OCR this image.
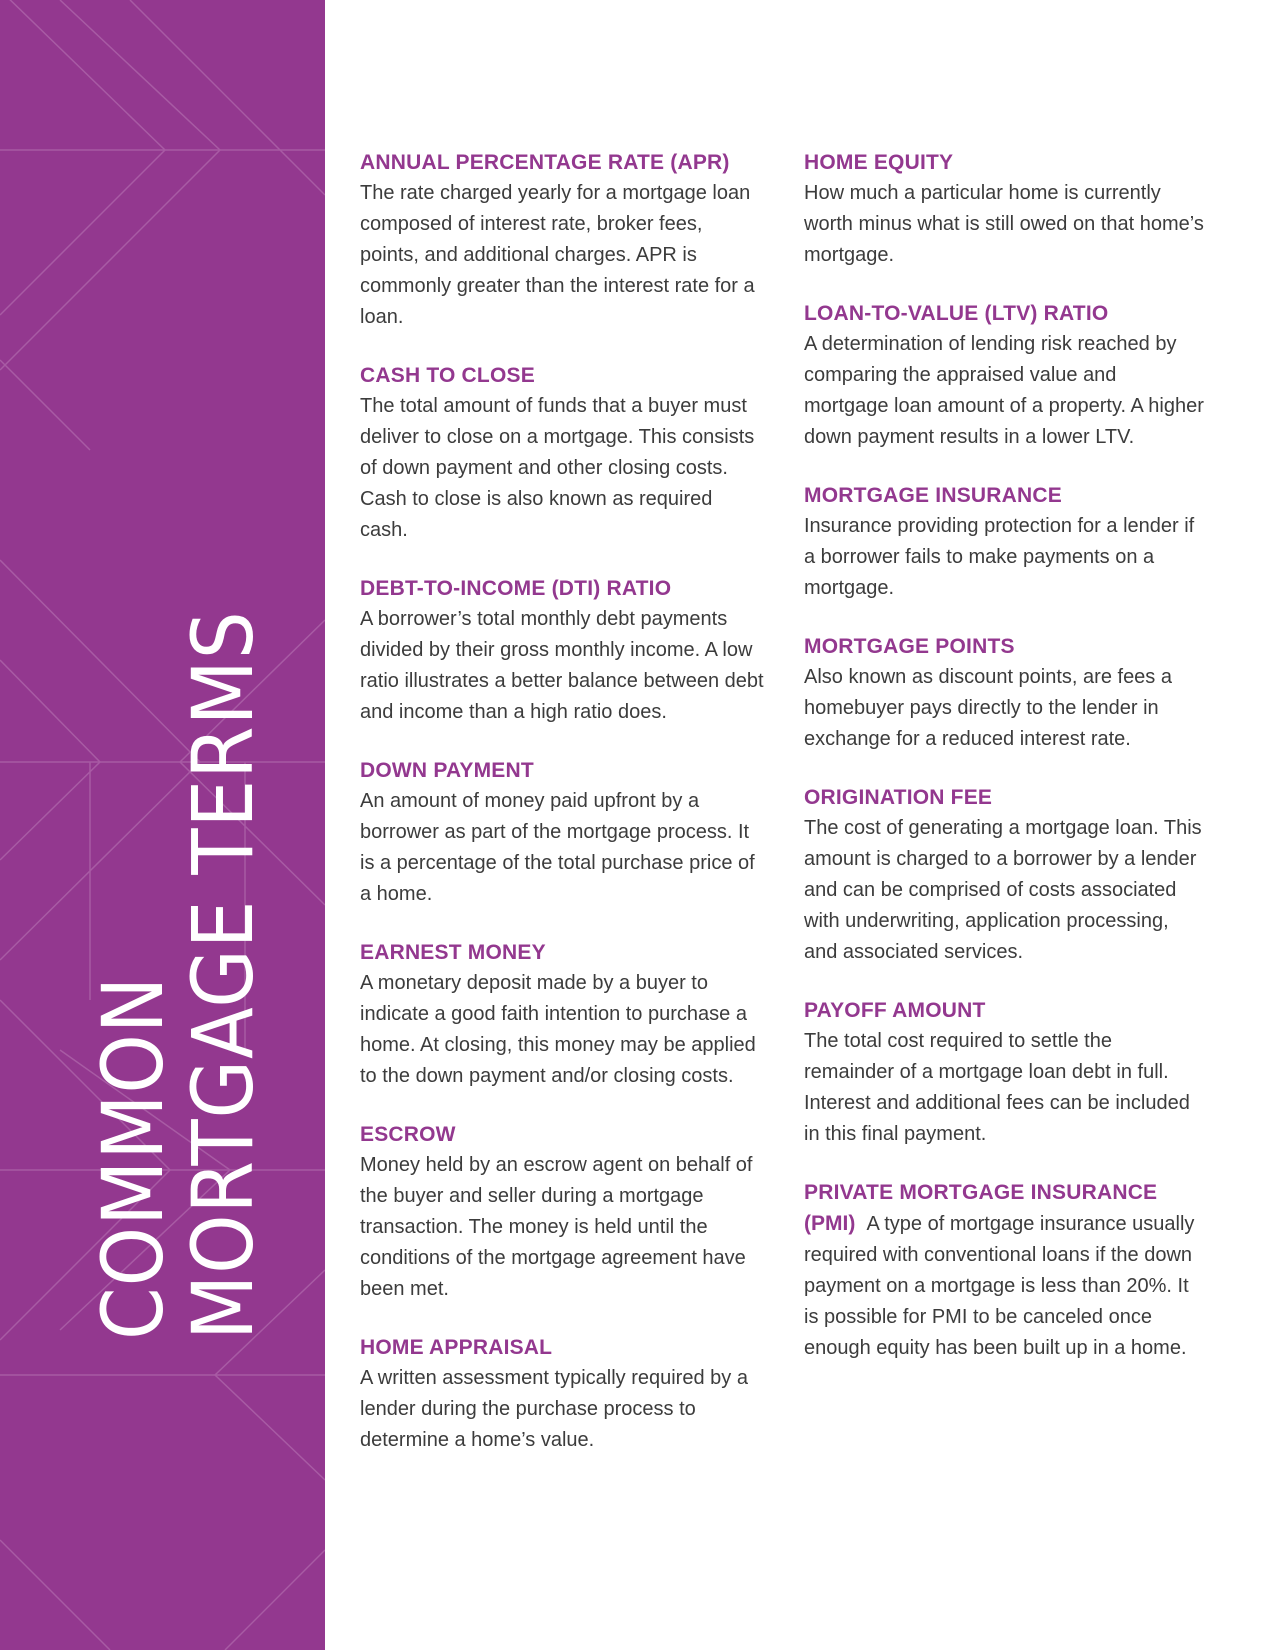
COMMON
MORTGAGE TERMS
ANNUAL PERCENTAGE RATE (APR)
The rate charged yearly for a mortgage loan composed of interest rate, broker fees, points, and additional charges. APR is commonly greater than the interest rate for a loan.
CASH TO CLOSE
The total amount of funds that a buyer must deliver to close on a mortgage. This consists of down payment and other closing costs. Cash to close is also known as required cash.
DEBT-TO-INCOME (DTI) RATIO
A borrower’s total monthly debt payments divided by their gross monthly income. A low ratio illustrates a better balance between debt and income than a high ratio does.
DOWN PAYMENT
An amount of money paid upfront by a borrower as part of the mortgage process. It is a percentage of the total purchase price of a home.
EARNEST MONEY
A monetary deposit made by a buyer to indicate a good faith intention to purchase a home. At closing, this money may be applied to the down payment and/or closing costs.
ESCROW
Money held by an escrow agent on behalf of the buyer and seller during a mortgage transaction. The money is held until the conditions of the mortgage agreement have been met.
HOME APPRAISAL
A written assessment typically required by a lender during the purchase process to determine a home’s value.
HOME EQUITY
How much a particular home is currently worth minus what is still owed on that home’s mortgage.
LOAN-TO-VALUE (LTV) RATIO
A determination of lending risk reached by comparing the appraised value and mortgage loan amount of a property. A higher down payment results in a lower LTV.
MORTGAGE INSURANCE
Insurance providing protection for a lender if a borrower fails to make payments on a mortgage.
MORTGAGE POINTS
Also known as discount points, are fees a homebuyer pays directly to the lender in exchange for a reduced interest rate.
ORIGINATION FEE
The cost of generating a mortgage loan. This amount is charged to a borrower by a lender and can be comprised of costs associated with underwriting, application processing, and associated services.
PAYOFF AMOUNT
The total cost required to settle the remainder of a mortgage loan debt in full. Interest and additional fees can be included in this final payment.
PRIVATE MORTGAGE INSURANCE
(PMI) A type of mortgage insurance usually required with conventional loans if the down payment on a mortgage is less than 20%. It is possible for PMI to be canceled once enough equity has been built up in a home.
